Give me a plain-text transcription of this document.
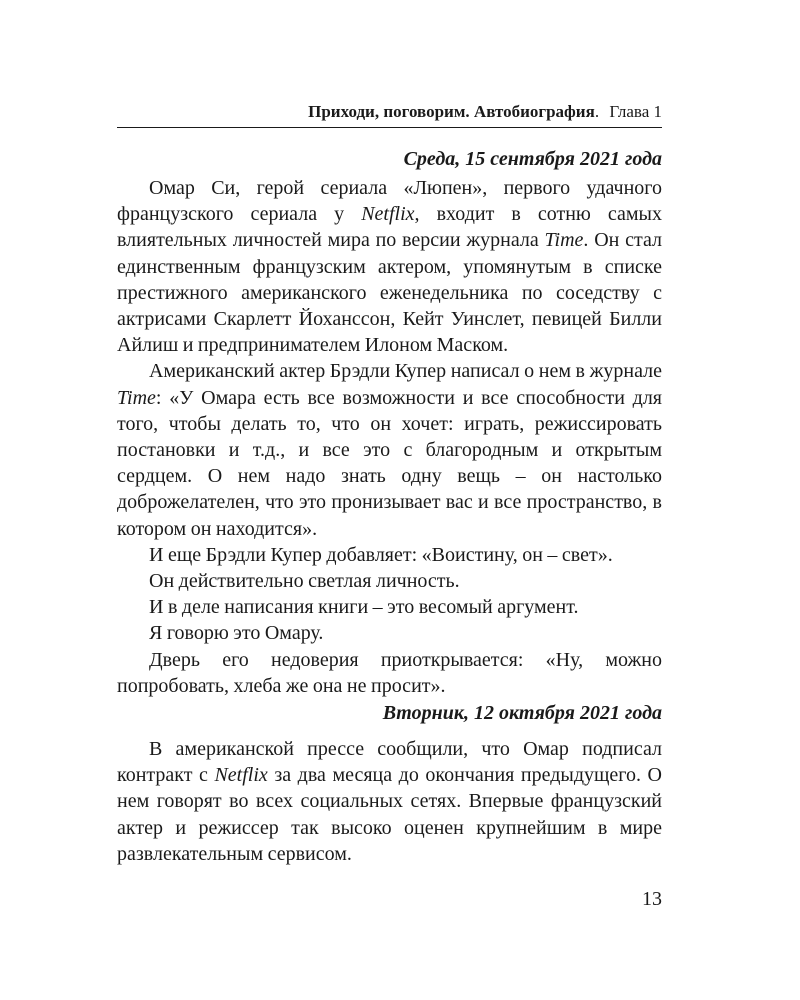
Приходи, поговорим. Автобиография. Глава 1
Среда, 15 сентября 2021 года

Омар Си, герой сериала «Люпен», первого удачного французского сериала у Netflix, входит в сотню самых влиятельных личностей мира по версии журнала Time. Он стал единственным французским актером, упомянутым в списке престижного американского еженедельника по соседству с актрисами Скарлетт Йоханссон, Кейт Уинслет, певицей Билли Айлиш и предпринимателем Илоном Маском.

Американский актер Брэдли Купер написал о нем в журнале Time: «У Омара есть все возможности и все способности для того, чтобы делать то, что он хочет: играть, режиссировать постановки и т.д., и все это с благородным и открытым сердцем. О нем надо знать одну вещь – он настолько доброжелателен, что это пронизывает вас и все пространство, в котором он находится».

И еще Брэдли Купер добавляет: «Воистину, он – свет».

Он действительно светлая личность.

И в деле написания книги – это весомый аргумент.

Я говорю это Омару.

Дверь его недоверия приоткрывается: «Ну, можно попробовать, хлеба же она не просит».

Вторник, 12 октября 2021 года

В американской прессе сообщили, что Омар подписал контракт с Netflix за два месяца до окончания предыдущего. О нем говорят во всех социальных сетях. Впервые французский актер и режиссер так высоко оценен крупнейшим в мире развлекательным сервисом.

13
